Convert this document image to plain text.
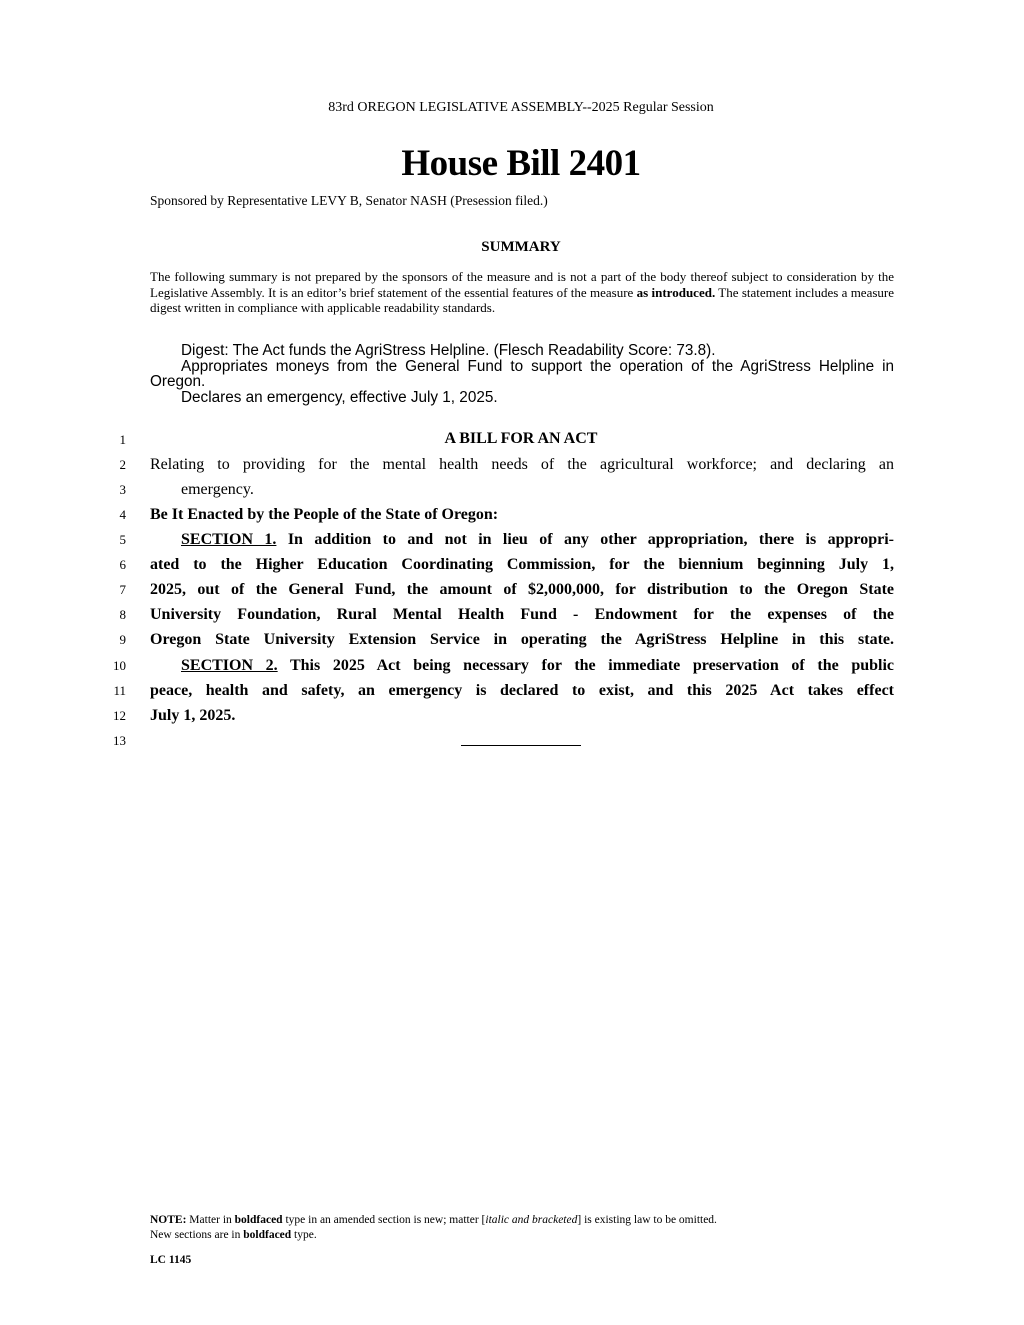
83rd OREGON LEGISLATIVE ASSEMBLY--2025 Regular Session
House Bill 2401
Sponsored by Representative LEVY B, Senator NASH (Presession filed.)
SUMMARY
The following summary is not prepared by the sponsors of the measure and is not a part of the body thereof subject to consideration by the Legislative Assembly. It is an editor’s brief statement of the essential features of the measure as introduced. The statement includes a measure digest written in compliance with applicable readability standards.

Digest: The Act funds the AgriStress Helpline. (Flesch Readability Score: 73.8).

Appropriates moneys from the General Fund to support the operation of the AgriStress Helpline in Oregon.

Declares an emergency, effective July 1, 2025.

1
2
3
4
5
6
7
8
9
10
11
12
13
A BILL FOR AN ACT
Relating to providing for the mental health needs of the agricultural workforce; and declaring an
emergency.
Be It Enacted by the People of the State of Oregon:
SECTION 1. In addition to and not in lieu of any other appropriation, there is appropri-
ated to the Higher Education Coordinating Commission, for the biennium beginning July 1,
2025, out of the General Fund, the amount of $2,000,000, for distribution to the Oregon State
University Foundation, Rural Mental Health Fund - Endowment for the expenses of the
Oregon State University Extension Service in operating the AgriStress Helpline in this state.
SECTION 2. This 2025 Act being necessary for the immediate preservation of the public
peace, health and safety, an emergency is declared to exist, and this 2025 Act takes effect
July 1, 2025.

NOTE: Matter in boldfaced type in an amended section is new; matter [italic and bracketed] is existing law to be omitted.

New sections are in boldfaced type.

LC 1145
